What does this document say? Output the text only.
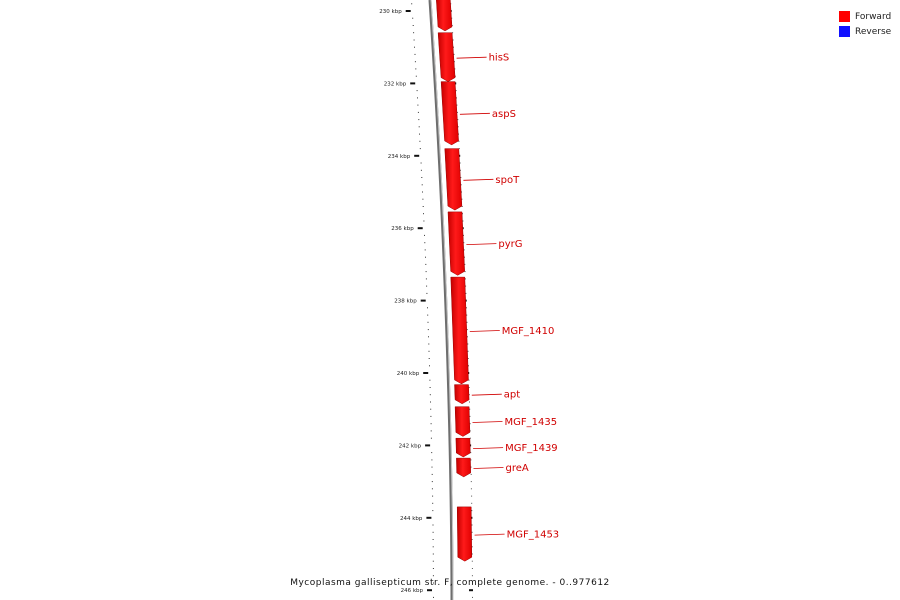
230 kbp
232 kbp
234 kbp
236 kbp
238 kbp
240 kbp
242 kbp
244 kbp
246 kbp
hisS
aspS
spoT
pyrG
MGF_1410
apt
MGF_1435
MGF_1439
greA
MGF_1453
Forward
Reverse
Mycoplasma gallisepticum str. F, complete genome. - 0..977612
